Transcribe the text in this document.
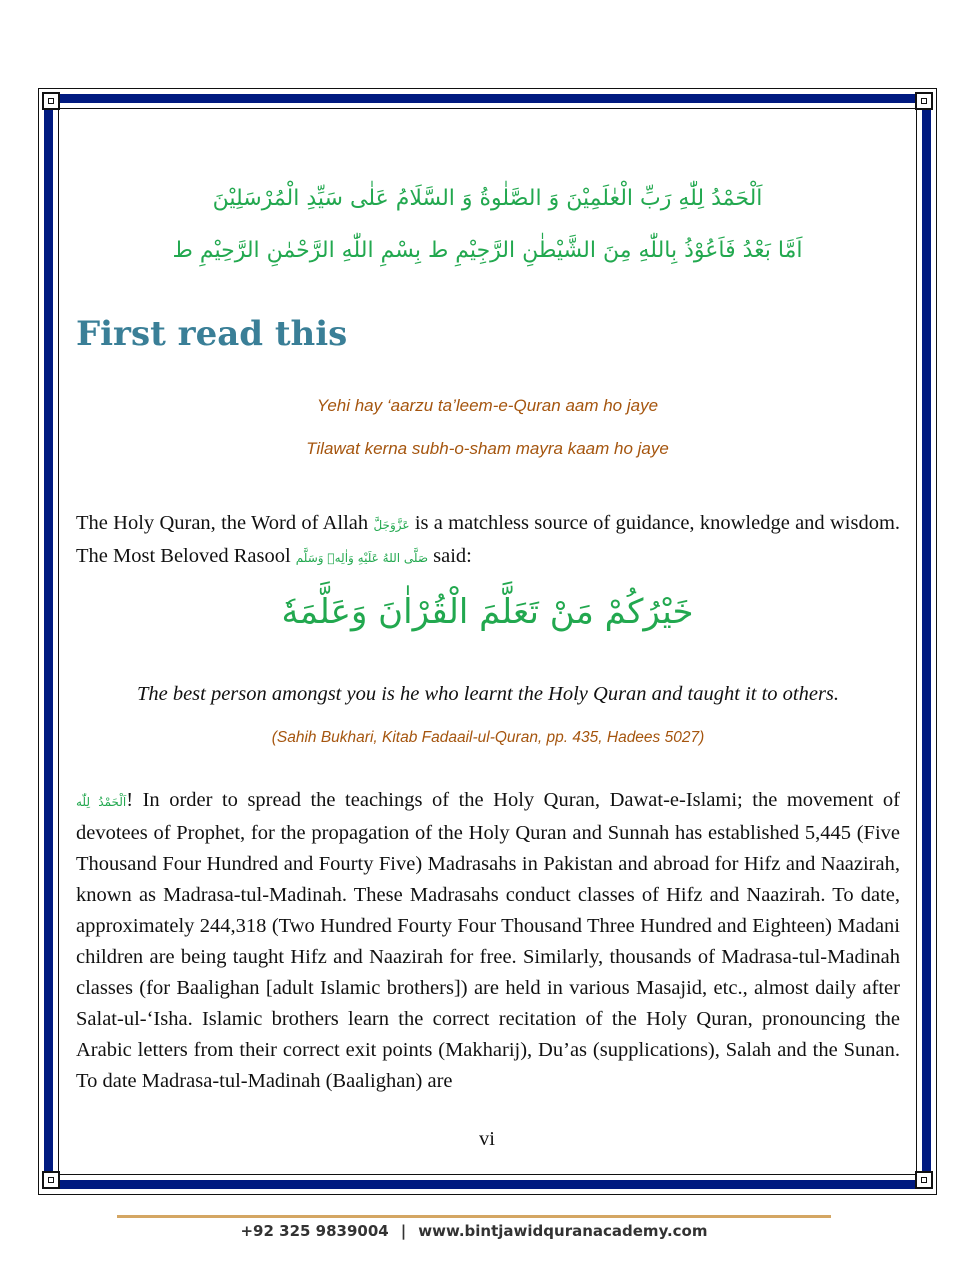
اَلْحَمْدُ لِلّٰهِ رَبِّ الْعٰلَمِيْنَ وَ الصَّلٰوةُ وَ السَّلَامُ عَلٰى سَيِّدِ الْمُرْسَلِيْنَ
اَمَّا بَعْدُ فَاَعُوْذُ بِاللّٰهِ مِنَ الشَّيْطٰنِ الرَّجِيْمِ ط بِسْمِ اللّٰهِ الرَّحْمٰنِ الرَّحِيْمِ ط
First read this
Yehi hay ‘aarzu ta’leem-e-Quran aam ho jaye
Tilawat kerna subh-o-sham mayra kaam ho jaye

The Holy Quran, the Word of Allah عَزَّوَجَلَّ is a matchless source of guidance, knowledge and wisdom. The Most Beloved Rasool صَلَّى اللهُ عَلَيْهِ وَاٰلِهٖ وَسَلَّم said:

خَيْرُكُمْ مَنْ تَعَلَّمَ الْقُرْاٰنَ وَعَلَّمَهٗ
The best person amongst you is he who learnt the Holy Quran and taught it to others.
(Sahih Bukhari, Kitab Fadaail-ul-Quran, pp. 435, Hadees 5027)

اَلْحَمْدُ لِلّٰه! In order to spread the teachings of the Holy Quran, Dawat-e-Islami; the movement of devotees of Prophet, for the propagation of the Holy Quran and Sunnah has established 5,445 (Five Thousand Four Hundred and Fourty Five) Madrasahs in Pakistan and abroad for Hifz and Naazirah, known as Madrasa-tul-Madinah. These Madrasahs conduct classes of Hifz and Naazirah. To date, approximately 244,318 (Two Hundred Fourty Four Thousand Three Hundred and Eighteen) Madani children are being taught Hifz and Naazirah for free. Similarly, thousands of Madrasa-tul-Madinah classes (for Baalighan [adult Islamic brothers]) are held in various Masajid, etc., almost daily after Salat-ul-‘Isha. Islamic brothers learn the correct recitation of the Holy Quran, pronouncing the Arabic letters from their correct exit points (Makharij), Du’as (supplications), Salah and the Sunan. To date Madrasa-tul-Madinah (Baalighan) are

vi
+92 325 9839004 | www.bintjawidquranacademy.com
